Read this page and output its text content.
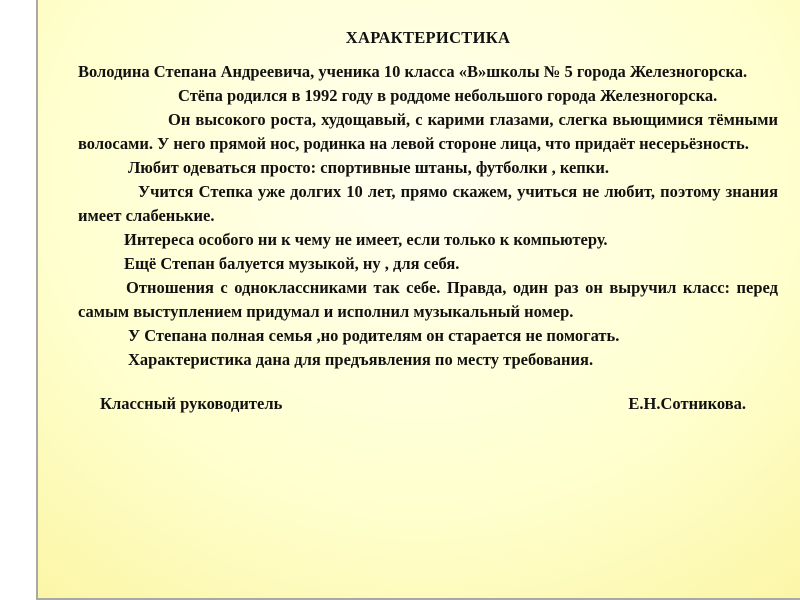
ХАРАКТЕРИСТИКА

Володина Степана Андреевича, ученика 10 класса «В»школы № 5 города Железногорска.

Стёпа родился в 1992 году в роддоме небольшого города Железногорска.

Он высокого роста, худощавый, с карими глазами, слегка вьющимися тёмными волосами. У него прямой нос, родинка на левой стороне лица, что придаёт несерьёзность.

Любит одеваться просто: спортивные штаны, футболки , кепки.

Учится Степка уже долгих 10 лет, прямо скажем, учиться не любит, поэтому знания имеет слабенькие.

Интереса особого ни к чему не имеет, если только к компьютеру.

Ещё Степан балуется музыкой, ну , для себя.

Отношения с одноклассниками так себе. Правда, один раз он выручил класс: перед самым выступлением придумал и исполнил музыкальный номер.

У Степана полная семья ,но родителям он старается не помогать.

Характеристика дана для предъявления по месту требования.

Классный руководитель	Е.Н.Сотникова.
